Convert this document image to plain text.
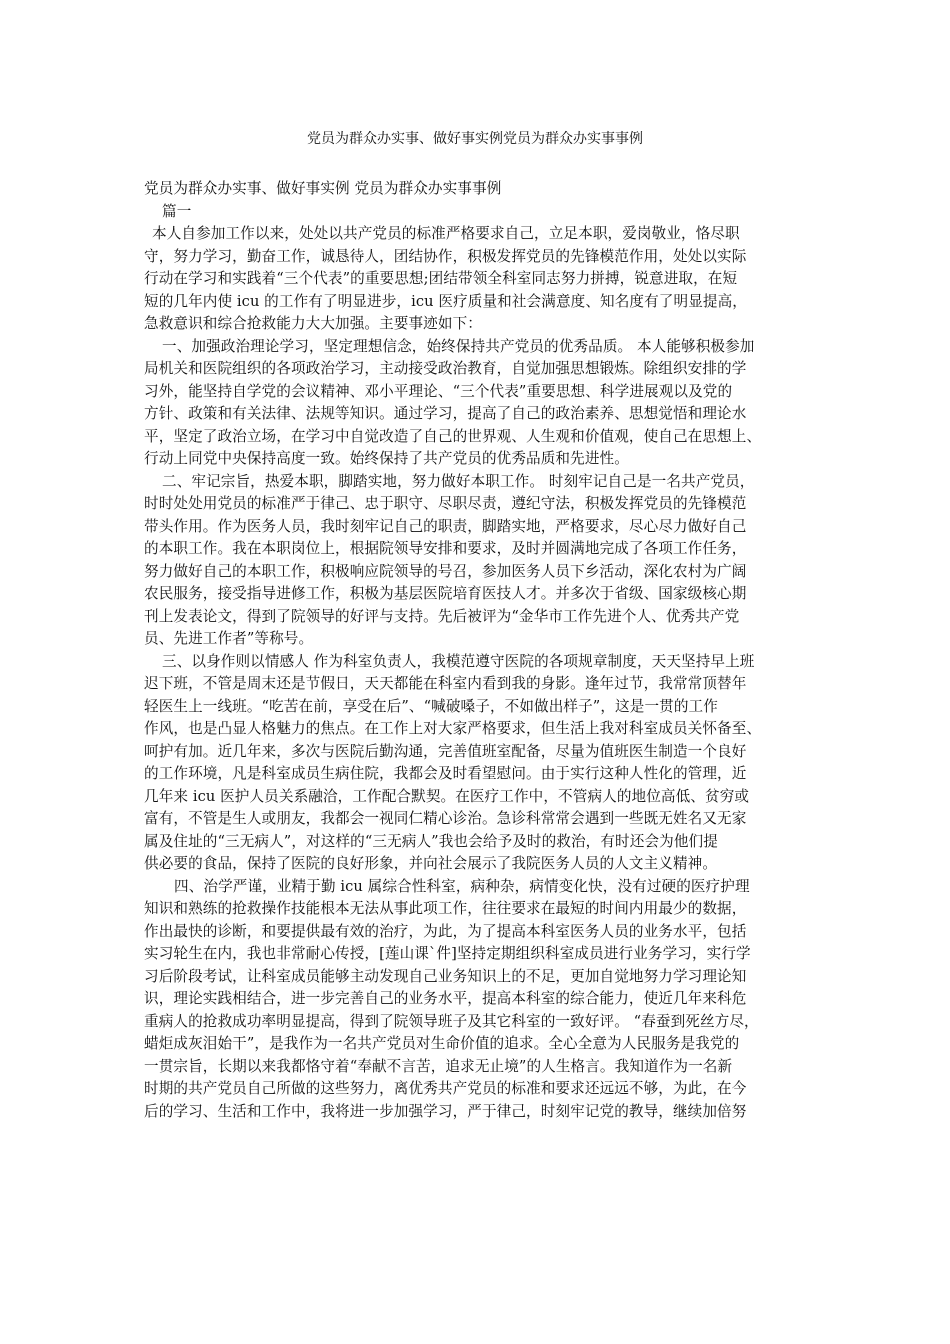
党员为群众办实事、做好事实例党员为群众办实事事例
党员为群众办实事、做好事实例 党员为群众办实事事例
篇一
本人自参加工作以来，处处以共产党员的标准严格要求自己，立足本职，爱岗敬业，恪尽职
守，努力学习，勤奋工作，诚恳待人，团结协作，积极发挥党员的先锋模范作用，处处以实际
行动在学习和实践着“三个代表”的重要思想;团结带领全科室同志努力拼搏，锐意进取，在短
短的几年内使 icu 的工作有了明显进步，icu 医疗质量和社会满意度、知名度有了明显提高，
急救意识和综合抢救能力大大加强。主要事迹如下：
一、加强政治理论学习，坚定理想信念，始终保持共产党员的优秀品质。 本人能够积极参加
局机关和医院组织的各项政治学习，主动接受政治教育，自觉加强思想锻炼。除组织安排的学
习外，能坚持自学党的会议精神、邓小平理论、“三个代表”重要思想、科学进展观以及党的
方针、政策和有关法律、法规等知识。通过学习，提高了自己的政治素养、思想觉悟和理论水
平，坚定了政治立场，在学习中自觉改造了自己的世界观、人生观和价值观，使自己在思想上、
行动上同党中央保持高度一致。始终保持了共产党员的优秀品质和先进性。
二、牢记宗旨，热爱本职，脚踏实地，努力做好本职工作。 时刻牢记自己是一名共产党员，
时时处处用党员的标准严于律己、忠于职守、尽职尽责，遵纪守法，积极发挥党员的先锋模范
带头作用。作为医务人员，我时刻牢记自己的职责，脚踏实地，严格要求，尽心尽力做好自己
的本职工作。我在本职岗位上，根据院领导安排和要求，及时并圆满地完成了各项工作任务，
努力做好自己的本职工作，积极响应院领导的号召，参加医务人员下乡活动，深化农村为广阔
农民服务，接受指导进修工作，积极为基层医院培育医技人才。并多次于省级、国家级核心期
刊上发表论文，得到了院领导的好评与支持。先后被评为“金华市工作先进个人、优秀共产党
员、先进工作者”等称号。
三、以身作则以情感人 作为科室负责人，我模范遵守医院的各项规章制度，天天坚持早上班
迟下班，不管是周末还是节假日，天天都能在科室内看到我的身影。逢年过节，我常常顶替年
轻医生上一线班。“吃苦在前，享受在后”、“喊破嗓子，不如做出样子”，这是一贯的工作
作风，也是凸显人格魅力的焦点。在工作上对大家严格要求，但生活上我对科室成员关怀备至、
呵护有加。近几年来，多次与医院后勤沟通，完善值班室配备，尽量为值班医生制造一个良好
的工作环境，凡是科室成员生病住院，我都会及时看望慰问。由于实行这种人性化的管理，近
几年来 icu 医护人员关系融洽，工作配合默契。在医疗工作中，不管病人的地位高低、贫穷或
富有，不管是生人或朋友，我都会一视同仁精心诊治。急诊科常常会遇到一些既无姓名又无家
属及住址的“三无病人”，对这样的“三无病人”我也会给予及时的救治，有时还会为他们提
供必要的食品，保持了医院的良好形象，并向社会展示了我院医务人员的人文主义精神。
四、治学严谨，业精于勤 icu 属综合性科室，病种杂，病情变化快，没有过硬的医疗护理
知识和熟练的抢救操作技能根本无法从事此项工作，往往要求在最短的时间内用最少的数据，
作出最快的诊断，和要提供最有效的治疗，为此，为了提高本科室医务人员的业务水平，包括
实习轮生在内，我也非常耐心传授，[莲山课`件]坚持定期组织科室成员进行业务学习，实行学
习后阶段考试，让科室成员能够主动发现自己业务知识上的不足，更加自觉地努力学习理论知
识，理论实践相结合，进一步完善自己的业务水平，提高本科室的综合能力，使近几年来科危
重病人的抢救成功率明显提高，得到了院领导班子及其它科室的一致好评。 “春蚕到死丝方尽，
蜡炬成灰泪始干”，是我作为一名共产党员对生命价值的追求。全心全意为人民服务是我党的
一贯宗旨，长期以来我都恪守着“奉献不言苦，追求无止境”的人生格言。我知道作为一名新
时期的共产党员自己所做的这些努力，离优秀共产党员的标准和要求还远远不够，为此，在今
后的学习、生活和工作中，我将进一步加强学习，严于律己，时刻牢记党的教导，继续加倍努
